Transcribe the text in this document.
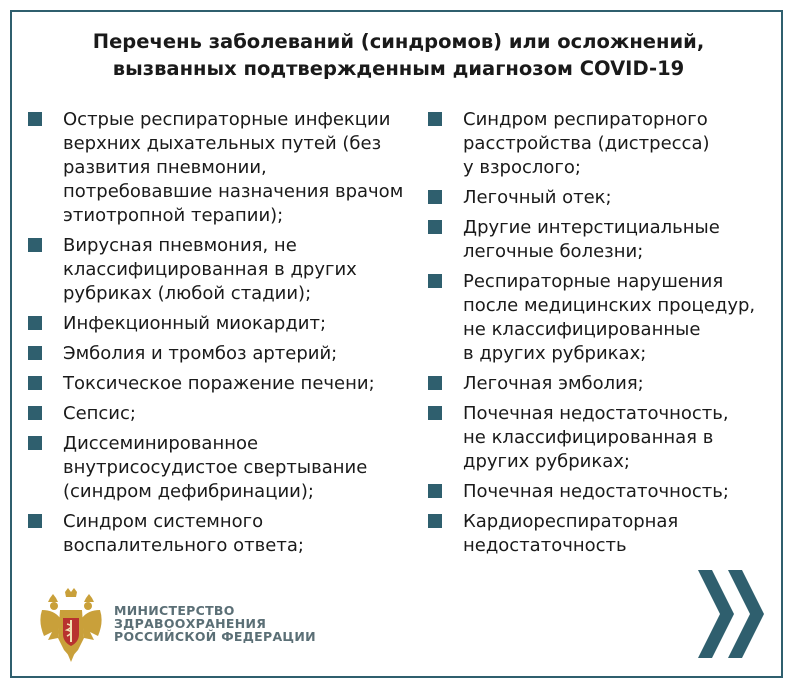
Перечень заболеваний (синдромов) или осложнений,
вызванных подтвержденным диагнозом COVID-19
Острые респираторные инфекции
верхних дыхательных путей (без
развития пневмонии,
потребовавшие назначения врачом
этиотропной терапии);
Вирусная пневмония, не
классифицированная в других
рубриках (любой стадии);
Инфекционный миокардит;
Эмболия и тромбоз артерий;
Токсическое поражение печени;
Сепсис;
Диссеминированное
внутрисосудистое свертывание
(синдром дефибринации);
Синдром системного
воспалительного ответа;
Синдром респираторного
расстройства (дистресса)
у взрослого;
Легочный отек;
Другие интерстициальные
легочные болезни;
Респираторные нарушения
после медицинских процедур,
не классифицированные
в других рубриках;
Легочная эмболия;
Почечная недостаточность,
не классифицированная в
других рубриках;
Почечная недостаточность;
Кардиореспираторная
недостаточность
МИНИСТЕРСТВО
ЗДРАВООХРАНЕНИЯ
РОССИЙСКОЙ ФЕДЕРАЦИИ
